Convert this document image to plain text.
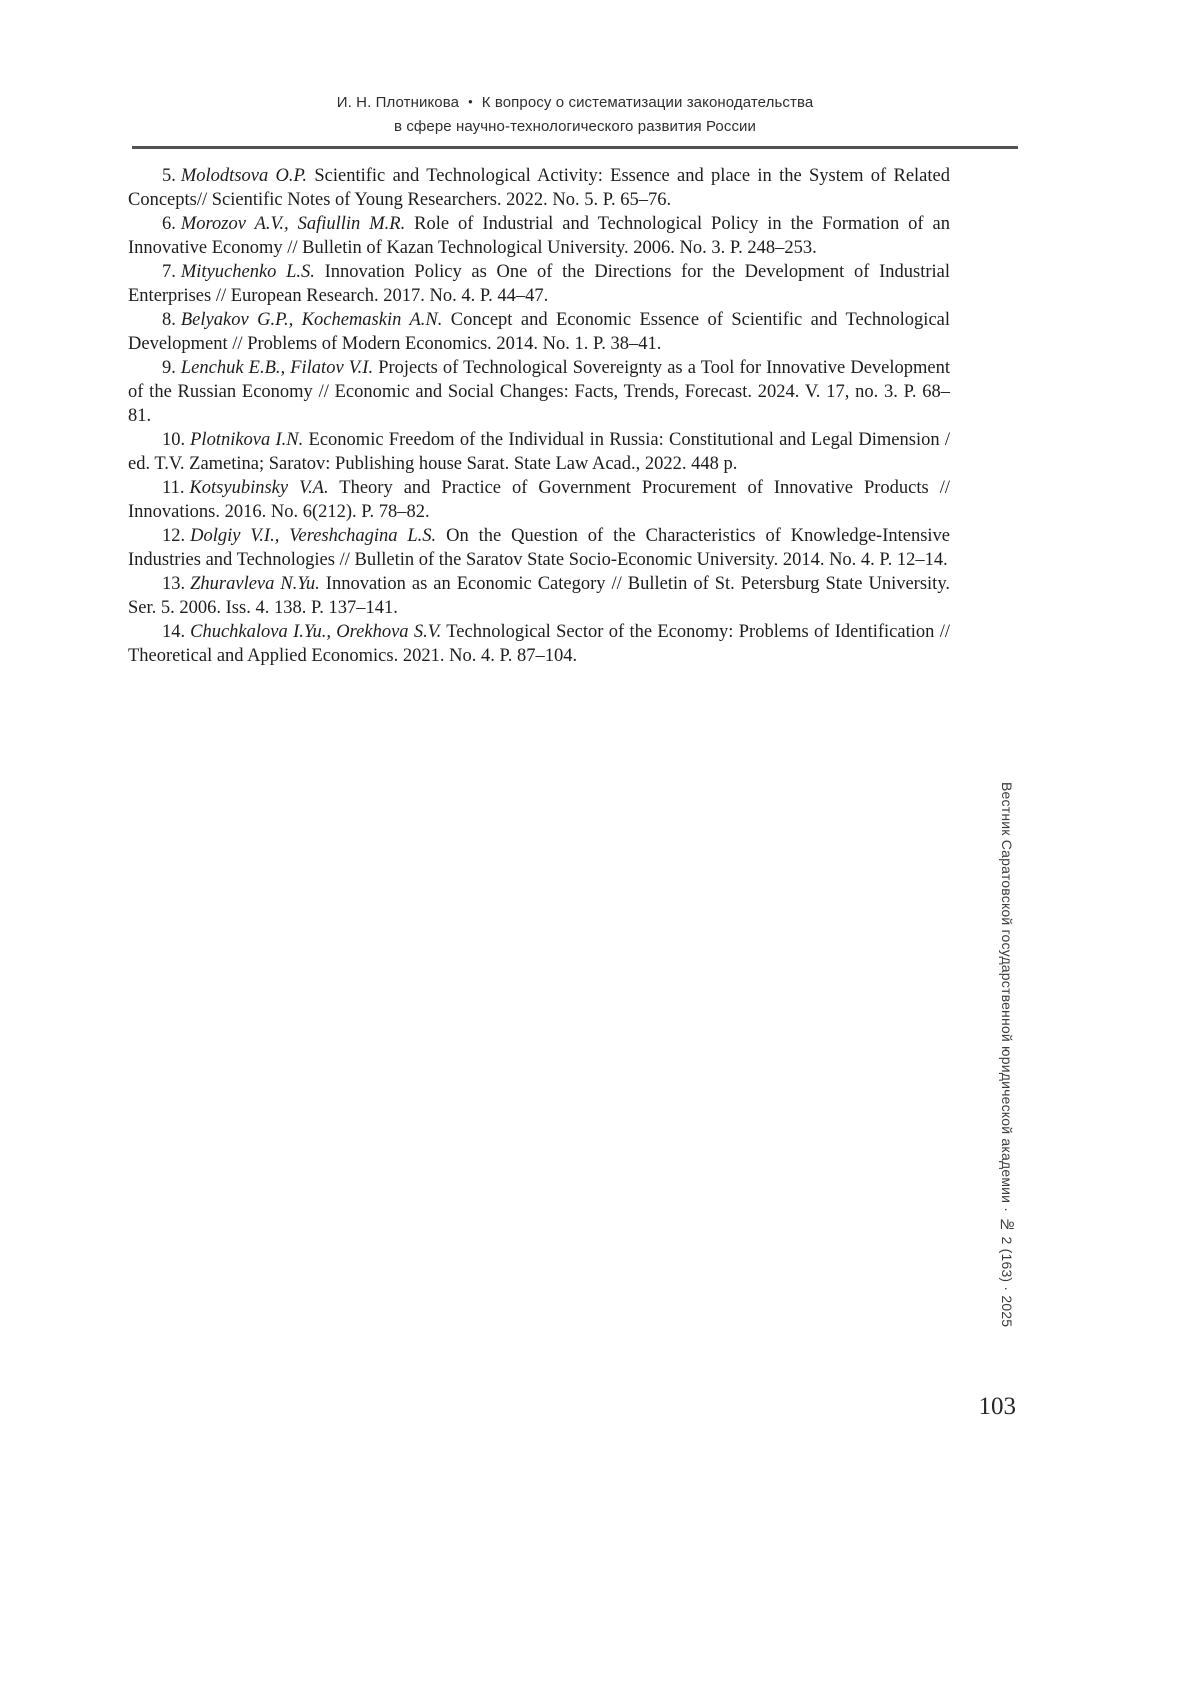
И. Н. Плотникова • К вопросу о систематизации законодательства
в сфере научно-технологического развития России

5. Molodtsova O.P. Scientific and Technological Activity: Essence and place in the System of Related Concepts// Scientific Notes of Young Researchers. 2022. No. 5. P. 65–76.

6. Morozov A.V., Safiullin M.R. Role of Industrial and Technological Policy in the Formation of an Innovative Economy // Bulletin of Kazan Technological University. 2006. No. 3. P. 248–253.

7. Mityuchenko L.S. Innovation Policy as One of the Directions for the Development of Industrial Enterprises // European Research. 2017. No. 4. P. 44–47.

8. Belyakov G.P., Kochemaskin A.N. Concept and Economic Essence of Scientific and Technological Development // Problems of Modern Economics. 2014. No. 1. P. 38–41.

9. Lenchuk E.B., Filatov V.I. Projects of Technological Sovereignty as a Tool for Innovative Development of the Russian Economy // Economic and Social Changes: Facts, Trends, Forecast. 2024. V. 17, no. 3. P. 68–81.

10. Plotnikova I.N. Economic Freedom of the Individual in Russia: Constitutional and Legal Dimension / ed. T.V. Zametina; Saratov: Publishing house Sarat. State Law Acad., 2022. 448 p.

11. Kotsyubinsky V.A. Theory and Practice of Government Procurement of Innovative Products // Innovations. 2016. No. 6(212). P. 78–82.

12. Dolgiy V.I., Vereshchagina L.S. On the Question of the Characteristics of Knowledge-Intensive Industries and Technologies // Bulletin of the Saratov State Socio-Economic University. 2014. No. 4. P. 12–14.

13. Zhuravleva N.Yu. Innovation as an Economic Category // Bulletin of St. Petersburg State University. Ser. 5. 2006. Iss. 4. 138. P. 137–141.

14. Chuchkalova I.Yu., Orekhova S.V. Technological Sector of the Economy: Problems of Identification // Theoretical and Applied Economics. 2021. No. 4. P. 87–104.

Вестник Саратовской государственной юридической академии · № 2 (163) · 2025
103
